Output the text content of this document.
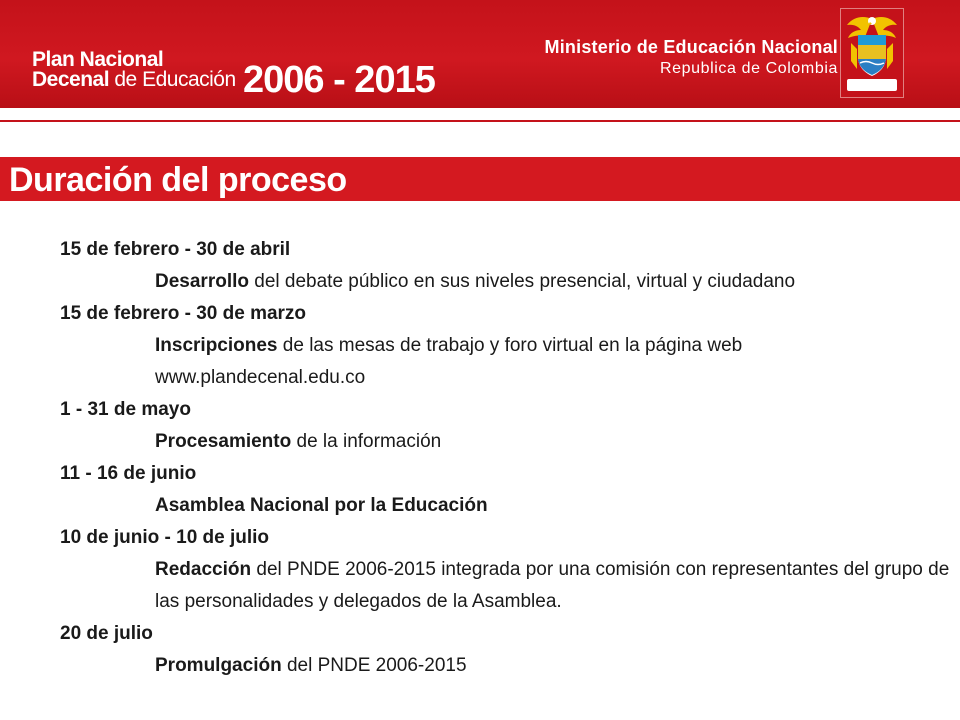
Plan Nacional
Decenal de Educación 2006 - 2015
Ministerio de Educación Nacional
Republica de Colombia
Duración del proceso
15 de febrero - 30 de abril
Desarrollo del debate público en sus niveles presencial, virtual y ciudadano
15 de febrero - 30 de marzo
Inscripciones de las mesas de trabajo y foro virtual en la página web www.plandecenal.edu.co
1 - 31 de mayo
Procesamiento de la información
11 - 16 de junio
Asamblea Nacional por la Educación
10 de junio - 10 de julio
Redacción del PNDE 2006-2015 integrada por una comisión con representantes del grupo de las personalidades y delegados de la Asamblea.
20 de julio
Promulgación del PNDE 2006-2015
